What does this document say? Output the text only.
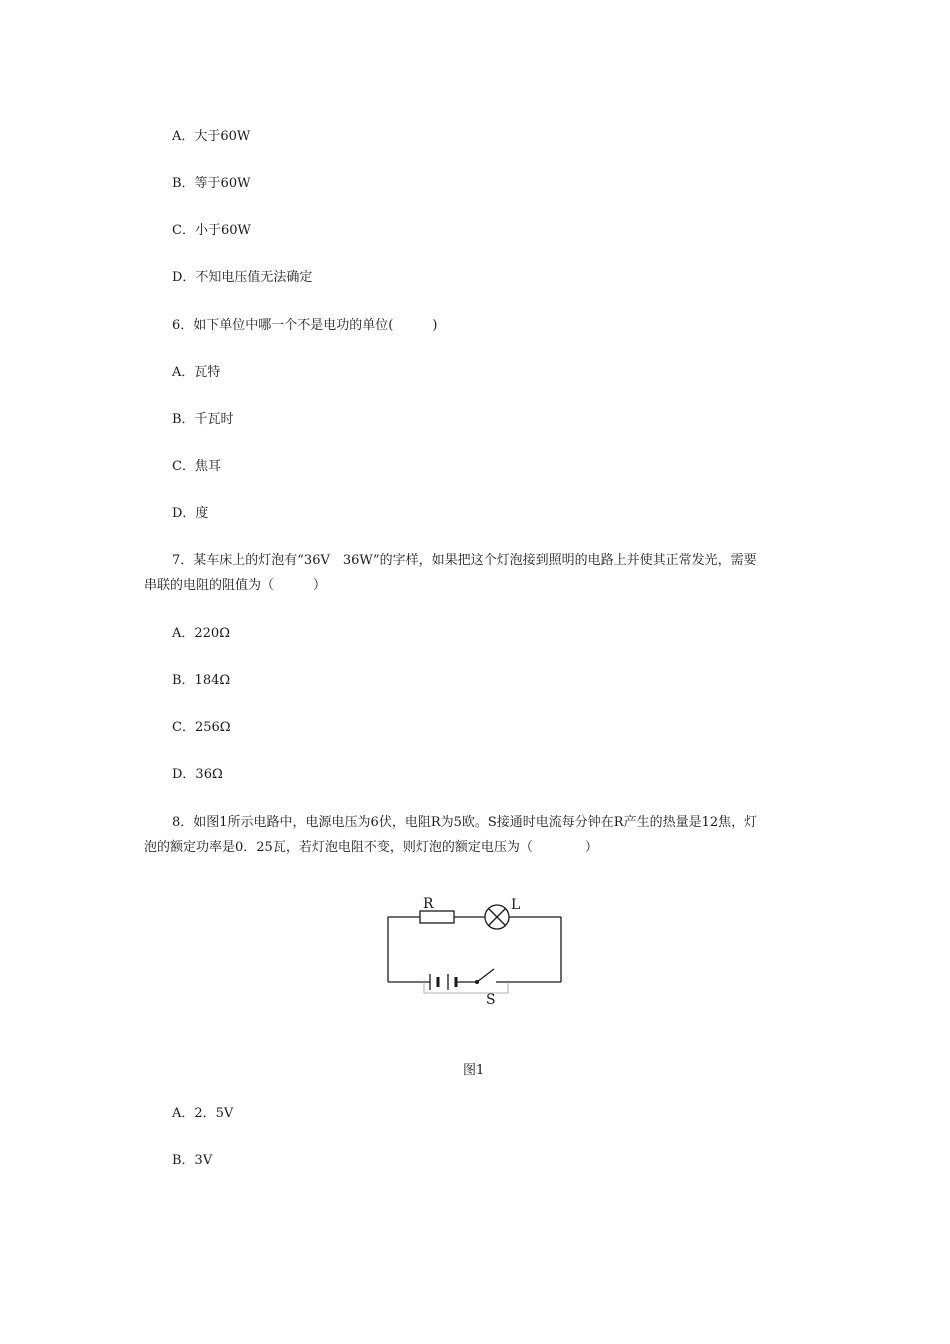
A．大于60W
B．等于60W
C．小于60W
D．不知电压值无法确定
6．如下单位中哪一个不是电功的单位(　　　)
A．瓦特
B．千瓦时
C．焦耳
D．度
7．某车床上的灯泡有“36V　36W”的字样，如果把这个灯泡接到照明的电路上并使其正常发光，需要
串联的电阻的阻值为（　　　）
A．220Ω
B．184Ω
C．256Ω
D．36Ω
8．如图1所示电路中，电源电压为6伏，电阻R为5欧。S接通时电流每分钟在R产生的热量是12焦，灯
泡的额定功率是0．25瓦，若灯泡电阻不变，则灯泡的额定电压为（　　　　）
R	L
S
图1
A．2．5V
B．3V
